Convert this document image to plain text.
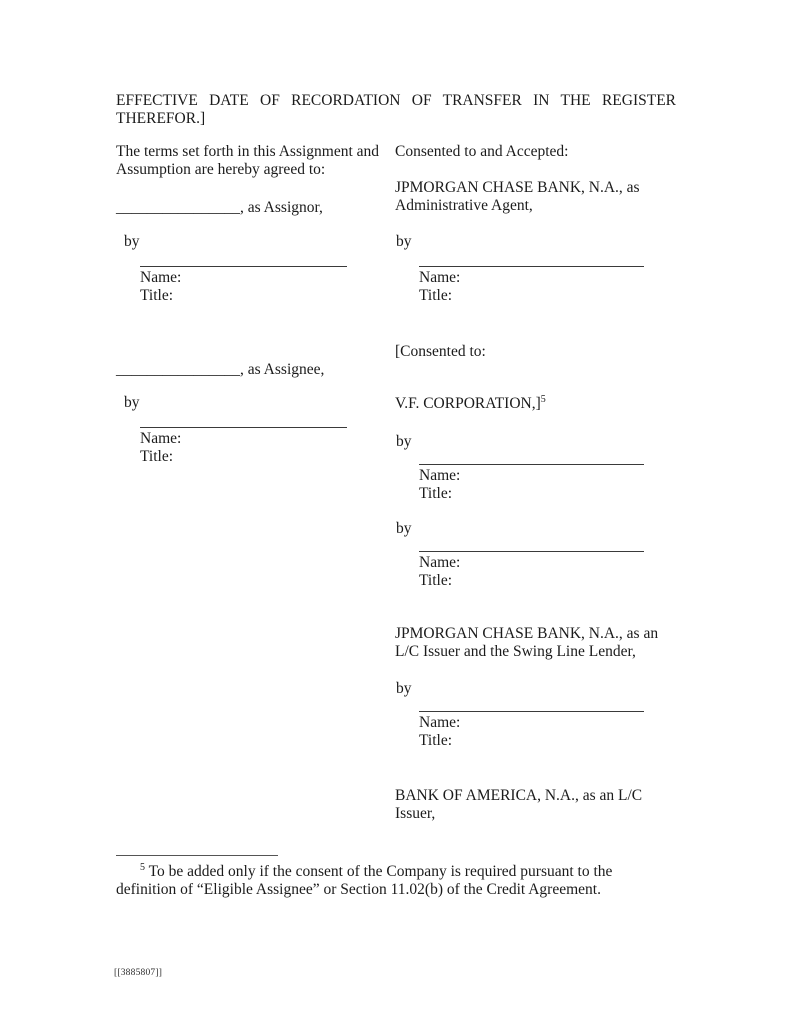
EFFECTIVE DATE OF RECORDATION OF TRANSFER IN THE REGISTER
THEREFOR.]
The terms set forth in this Assignment and Assumption are hereby agreed to:
________________, as Assignor,
by
Name:
Title:
________________, as Assignee,
by
Name:
Title:
Consented to and Accepted:
JPMORGAN CHASE BANK, N.A., as Administrative Agent,
by
Name:
Title:
[Consented to:
V.F. CORPORATION,]$^5$
by
Name:
Title:
by
Name:
Title:
JPMORGAN CHASE BANK, N.A., as an L/C Issuer and the Swing Line Lender,
by
Name:
Title:
BANK OF AMERICA, N.A., as an L/C Issuer,
$^5$ To be added only if the consent of the Company is required pursuant to the definition of “Eligible Assignee” or Section 11.02(b) of the Credit Agreement.
[[3885807]]
